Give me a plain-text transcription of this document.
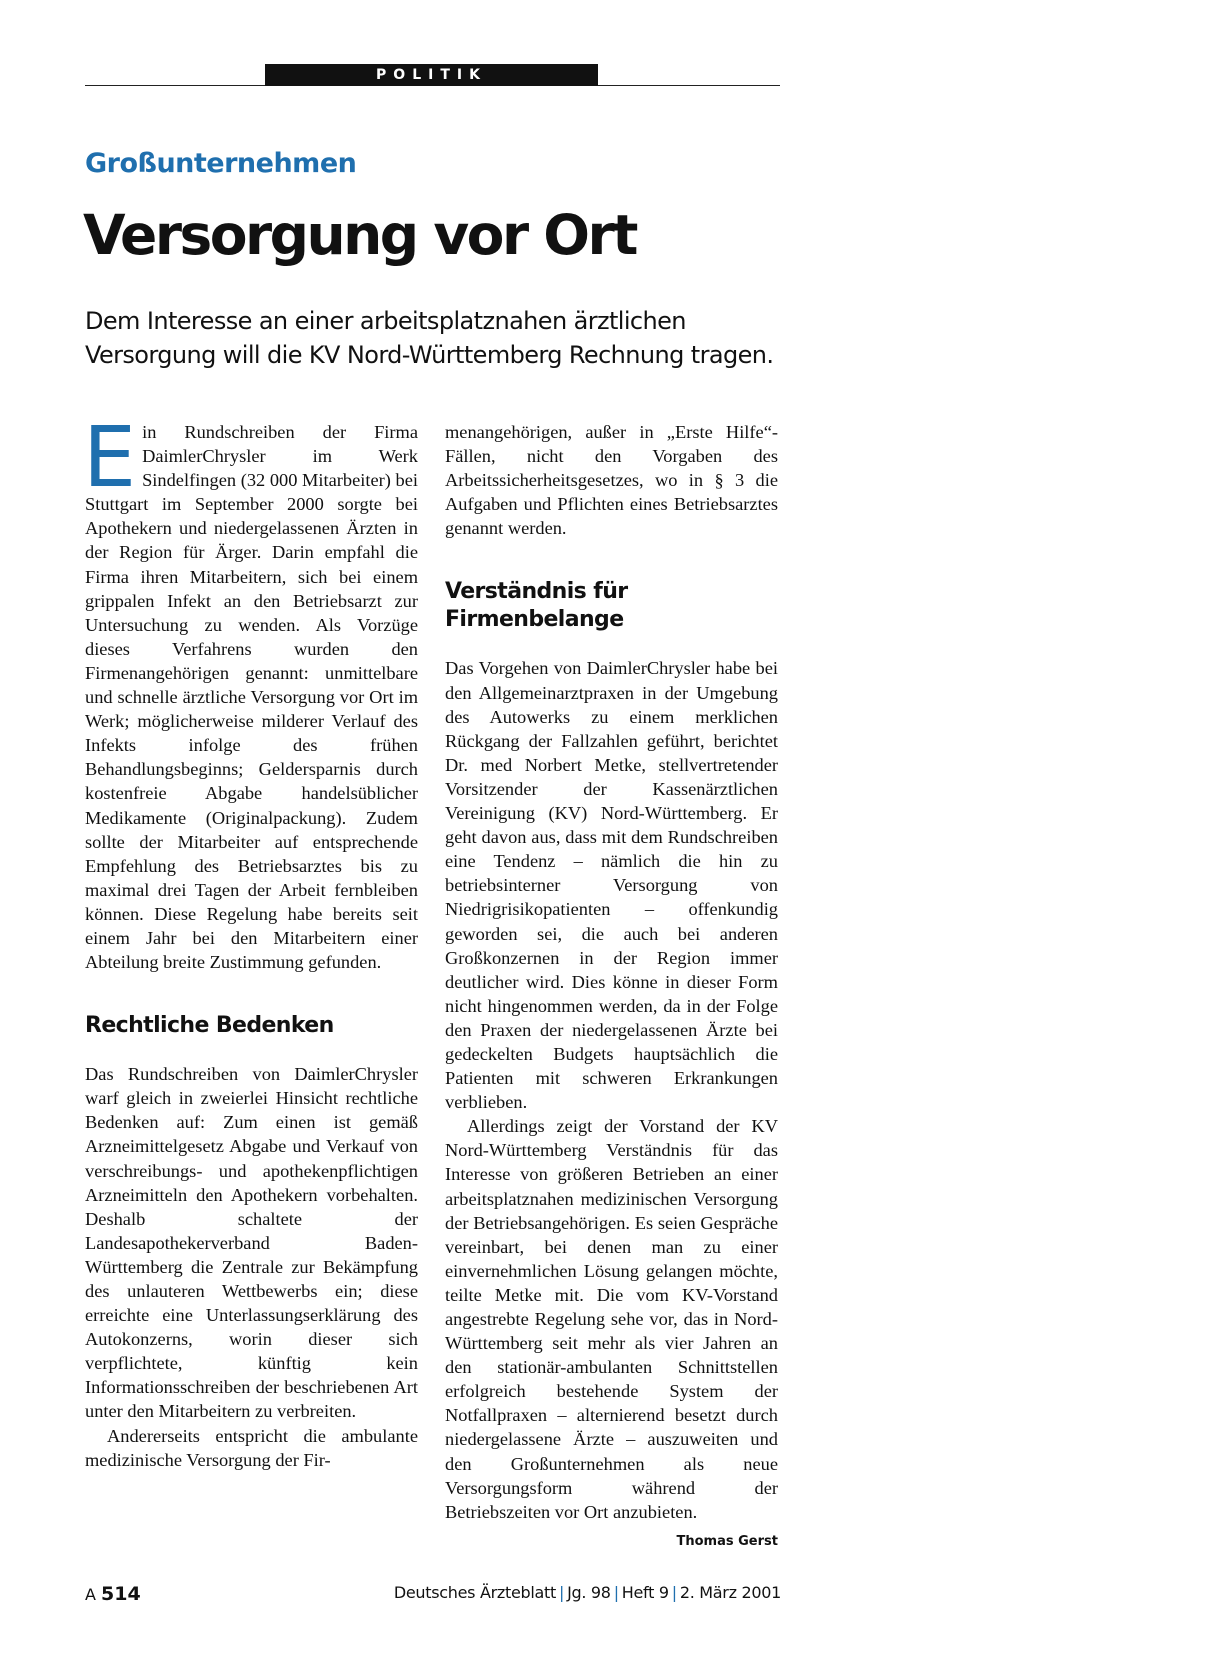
POLITIK
Großunternehmen
Versorgung vor Ort
Dem Interesse an einer arbeitsplatznahen ärztlichen Versorgung will die KV Nord-Württemberg Rechnung tragen.

Ein Rundschreiben der Firma DaimlerChrysler im Werk Sindelfingen (32 000 Mitarbeiter) bei Stuttgart im September 2000 sorgte bei Apothekern und niedergelassenen Ärzten in der Region für Ärger. Darin empfahl die Firma ihren Mitarbeitern, sich bei einem grippalen Infekt an den Betriebsarzt zur Untersuchung zu wenden. Als Vorzüge dieses Verfahrens wurden den Firmenangehörigen genannt: unmittelbare und schnelle ärztliche Versorgung vor Ort im Werk; möglicherweise milderer Verlauf des Infekts infolge des frühen Behandlungsbeginns; Geldersparnis durch kostenfreie Abgabe handelsüblicher Medikamente (Originalpackung). Zudem sollte der Mitarbeiter auf entsprechende Empfehlung des Betriebsarztes bis zu maximal drei Tagen der Arbeit fernbleiben können. Diese Regelung habe bereits seit einem Jahr bei den Mitarbeitern einer Abteilung breite Zustimmung gefunden.

Rechtliche Bedenken

Das Rundschreiben von DaimlerChrysler warf gleich in zweierlei Hinsicht rechtliche Bedenken auf: Zum einen ist gemäß Arzneimittelgesetz Abgabe und Verkauf von verschreibungs- und apothekenpflichtigen Arzneimitteln den Apothekern vorbehalten. Deshalb schaltete der Landesapothekerverband Baden-Württemberg die Zentrale zur Bekämpfung des unlauteren Wettbewerbs ein; diese erreichte eine Unterlassungserklärung des Autokonzerns, worin dieser sich verpflichtete, künftig kein Informationsschreiben der beschriebenen Art unter den Mitarbeitern zu verbreiten.

Andererseits entspricht die ambulante medizinische Versorgung der Fir-

menangehörigen, außer in „Erste Hilfe“-Fällen, nicht den Vorgaben des Arbeitssicherheitsgesetzes, wo in § 3 die Aufgaben und Pflichten eines Betriebsarztes genannt werden.

Verständnis für Firmenbelange

Das Vorgehen von DaimlerChrysler habe bei den Allgemeinarztpraxen in der Umgebung des Autowerks zu einem merklichen Rückgang der Fallzahlen geführt, berichtet Dr. med Norbert Metke, stellvertretender Vorsitzender der Kassenärztlichen Vereinigung (KV) Nord-Württemberg. Er geht davon aus, dass mit dem Rundschreiben eine Tendenz – nämlich die hin zu betriebsinterner Versorgung von Niedrigrisikopatienten – offenkundig geworden sei, die auch bei anderen Großkonzernen in der Region immer deutlicher wird. Dies könne in dieser Form nicht hingenommen werden, da in der Folge den Praxen der niedergelassenen Ärzte bei gedeckelten Budgets hauptsächlich die Patienten mit schweren Erkrankungen verblieben.

Allerdings zeigt der Vorstand der KV Nord-Württemberg Verständnis für das Interesse von größeren Betrieben an einer arbeitsplatznahen medizinischen Versorgung der Betriebsangehörigen. Es seien Gespräche vereinbart, bei denen man zu einer einvernehmlichen Lösung gelangen möchte, teilte Metke mit. Die vom KV-Vorstand angestrebte Regelung sehe vor, das in Nord-Württemberg seit mehr als vier Jahren an den stationär-ambulanten Schnittstellen erfolgreich bestehende System der Notfallpraxen – alternierend besetzt durch niedergelassene Ärzte – auszuweiten und den Großunternehmen als neue Versorgungsform während der Betriebszeiten vor Ort anzubieten.
Thomas Gerst

A 514	Deutsches Ärzteblatt | Jg. 98 | Heft 9 | 2. März 2001
